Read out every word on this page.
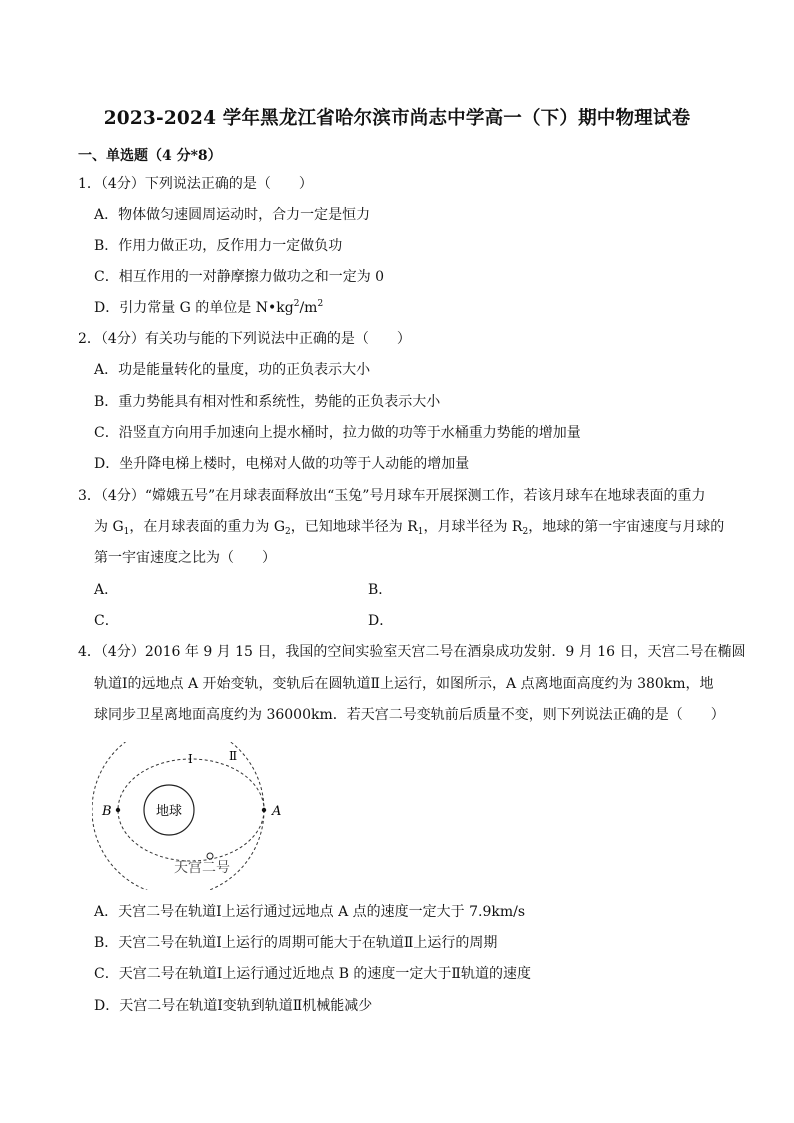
2023-2024 学年黑龙江省哈尔滨市尚志中学高一（下）期中物理试卷
一、单选题（4 分*8）
1．（4分）下列说法正确的是（　　）
A．物体做匀速圆周运动时，合力一定是恒力
B．作用力做正功，反作用力一定做负功
C．相互作用的一对静摩擦力做功之和一定为 0
D．引力常量 G 的单位是 $N•kg^2/m^2$
2．（4分）有关功与能的下列说法中正确的是（　　）
A．功是能量转化的量度，功的正负表示大小
B．重力势能具有相对性和系统性，势能的正负表示大小
C．沿竖直方向用手加速向上提水桶时，拉力做的功等于水桶重力势能的增加量
D．坐升降电梯上楼时，电梯对人做的功等于人动能的增加量
3．（4分）“嫦娥五号”在月球表面释放出“玉兔”号月球车开展探测工作，若该月球车在地球表面的重力
为 $G_1$，在月球表面的重力为 $G_2$，已知地球半径为 $R_1$，月球半径为 $R_2$，地球的第一宇宙速度与月球的
第一宇宙速度之比为（　　）
A．	B．
C．	D．
4．（4分）2016 年 9 月 15 日，我国的空间实验室天宫二号在酒泉成功发射．9 月 16 日，天宫二号在椭圆
轨道Ⅰ的远地点 A 开始变轨，变轨后在圆轨道Ⅱ上运行，如图所示，A 点离地面高度约为 380km，地
球同步卫星离地面高度约为 36000km．若天宫二号变轨前后质量不变，则下列说法正确的是（　　）
地球	A
B
Ⅰ	Ⅱ
天宫二号
A．天宫二号在轨道Ⅰ上运行通过远地点 A 点的速度一定大于 7.9km/s
B．天宫二号在轨道Ⅰ上运行的周期可能大于在轨道Ⅱ上运行的周期
C．天宫二号在轨道Ⅰ上运行通过近地点 B 的速度一定大于Ⅱ轨道的速度
D．天宫二号在轨道Ⅰ变轨到轨道Ⅱ机械能减少
